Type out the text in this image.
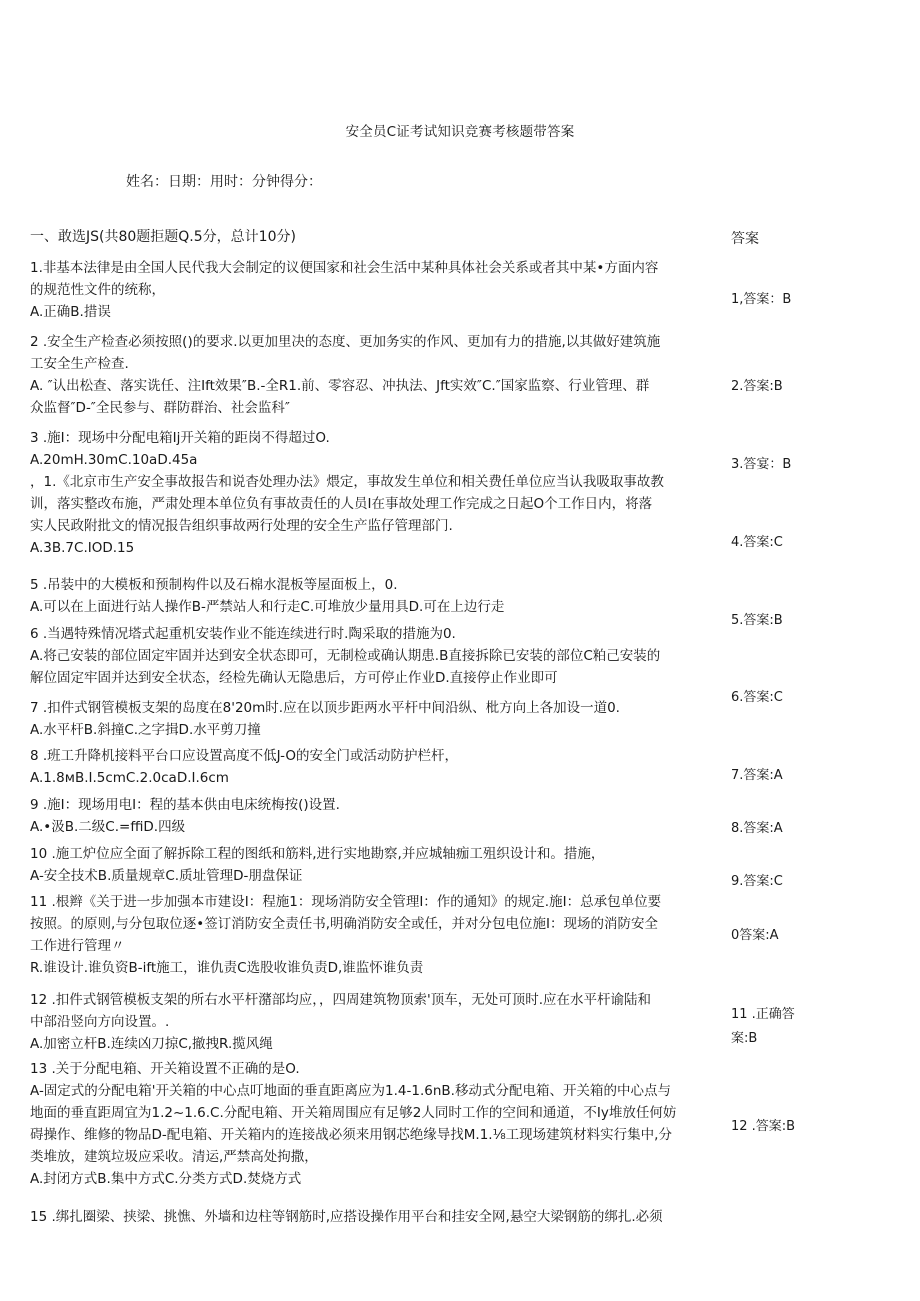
安全员C证考试知识竞赛考核题带答案
姓名：日期：用时：分钟得分：
一、敢选JS(共80题拒题Q.5分，总计10分)	答案
1.非基本法律是由全国人民代我大会制定的议便国家和社会生活中某种具体社会关系或者其中某•方面内容
的规范性文件的统称，
A.正确B.措误
2 .安全生产检查必须按照()的要求.以更加里决的态度、更加务实的作风、更加有力的措施,以其做好建筑施
工安全生产检查.
A. ″认出松查、落实诜任、注Ift效果″B.-全R1.前、零容忍、冲执法、Jft实效″C.″国家监察、行业管理、群
众监督″D-″全民参与、群防群治、社会监科″
3 .施I：现场中分配电箱Ij开关箱的距岗不得超过O.
A.20mH.30mC.10aD.45a
，1.《北京市生产安全事故报告和说杳处理办法》煨定，事故发生单位和相关费任单位应当认我吸取事故教
训，落实整改布施，严肃处理本单位负有事故责任的人员I在事故处理工作完成之日起O个工作日内，将落
实人民政附批文的情况报告组织事故两行处理的安全生产监仔管理部门.
A.3B.7C.IOD.15
5 .吊装中的大模板和预制构件以及石棉水混板等屋面板上，0.
A.可以在上面进行站人操作B-严禁站人和行走C.可堆放少量用具D.可在上边行走
6 .当遇特殊情况塔式起重机安装作业不能连续进行时.陶采取的措施为0.
A.将己安装的部位固定牢固并达到安全状态即可，无制检或确认期患.B直接拆除已安装的部位C粕己安装的
解位固定牢固并达到安全状态，经检先确认无隐患后，方可停止作业D.直接停止作业即可
7 .扣件式钢管模板支架的岛度在8'20m时.应在以顶步距两水平杆中间沿纵、枇方向上各加设一道0.
A.水平杆B.斜撞C.之字揖D.水平剪刀撞
8 .班工升降机接料平台口应设置高度不低J-O的安全门或活动防护栏杆，
A.1.8мB.I.5cmC.2.0caD.I.6cm
9 .施I：现场用电I：程的基本供由电床统梅按()设置.
A.•汲B.二级C.=ffiD.四级
10 .施工炉位应全面了解拆除工程的图纸和筋料,进行实地勘察,并应城轴痂工殂织设计和。措施，
A-安全技术B.质量规章C.质址管理D-朋盘保证
11 .根辫《关于进一步加强本市建设I：程施1：现场消防安全管理I：作的通知》的规定.施I：总承包单位要
按照。的原则,与分包取位逐•签订消防安全责任书,明确消防安全或任，并对分包电位施I：现场的消防安全
工作进行管理〃
R.谁设计.谁负资B-ift施工，谁仇责C选股收谁负责D,谁监怀谁负责
12 .扣件式钢管模板支架的所右水平杆潴部均应，，四周建筑物顶索'顶车，无处可顶时.应在水平杆谕陆和
中部沿竖向方向设置。.
A.加密立杆B.连续凶刀掠C,撤拽R.揽风绳
13 .关于分配电箱、开关箱设置不正确的是O.
A-固定式的分配电箱'开关箱的中心点叮地面的垂直距离应为1.4-1.6nB.移动式分配电箱、开关箱的中心点与
地面的垂直距周宜为1.2~1.6.C.分配电箱、开关箱周围应有足够2人同时工作的空间和通道，不Iy堆放任何妨
碍操作、维修的物品D-配电箱、开关箱内的连接战必须来用钢芯绝缘导找M.1.⅛工现场建筑材料实行集中,分
类堆放，建筑垃圾应采收。清运,严禁高处拘撒，
A.封闭方式B.集中方式C.分类方式D.焚烧方式
15 .绑扎圈梁、挟梁、挑憔、外墙和边柱等钢筋时,应搭设操作用平台和挂安全网,悬空大梁钢筋的绑扎.必须
1,答案：B
2.答案:B
3.答宴：B
4.答案:C
5.答案:B
6.答案:C
7.答案:A
8.答案:A
9.答案:C
0答案:A
11 .正确答
案:B
12 .答案:B
